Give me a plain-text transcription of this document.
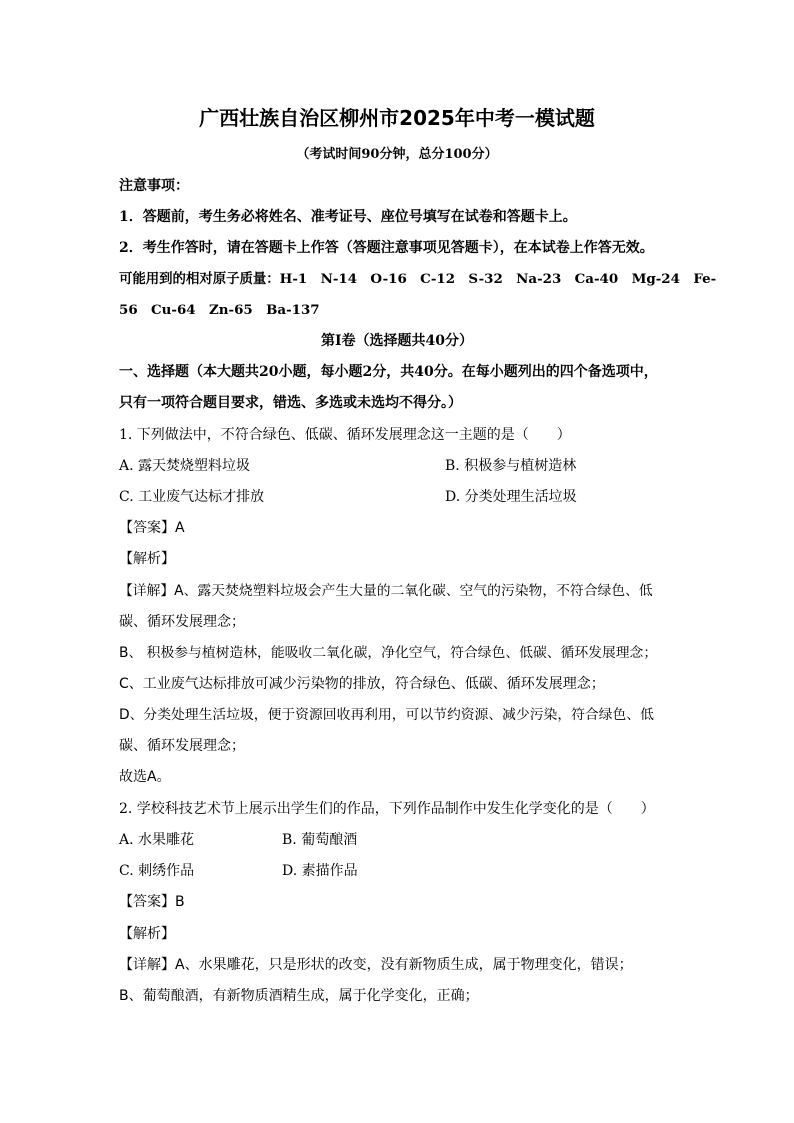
广西壮族自治区柳州市2025年中考一模试题
（考试时间90分钟，总分100分）
注意事项：
1．答题前，考生务必将姓名、准考证号、座位号填写在试卷和答题卡上。
2．考生作答时，请在答题卡上作答（答题注意事项见答题卡），在本试卷上作答无效。
可能用到的相对原子质量：H-1　N-14　O-16　C-12　S-32　Na-23　Ca-40　Mg-24　Fe-
56　Cu-64　Zn-65　Ba-137
第Ⅰ卷（选择题共40分）
一、选择题（本大题共20小题，每小题2分，共40分。在每小题列出的四个备选项中，
只有一项符合题目要求，错选、多选或未选均不得分。）
1. 下列做法中，不符合绿色、低碳、循环发展理念这一主题的是（　　）
A. 露天焚烧塑料垃圾	B. 积极参与植树造林
C. 工业废气达标才排放	D. 分类处理生活垃圾
【答案】A
【解析】
【详解】A、露天焚烧塑料垃圾会产生大量的二氧化碳、空气的污染物，不符合绿色、低
碳、循环发展理念；
B、 积极参与植树造林，能吸收二氧化碳，净化空气，符合绿色、低碳、循环发展理念；
C、工业废气达标排放可减少污染物的排放，符合绿色、低碳、循环发展理念；
D、分类处理生活垃圾，便于资源回收再利用，可以节约资源、减少污染，符合绿色、低
碳、循环发展理念；
故选A。
2. 学校科技艺术节上展示出学生们的作品，下列作品制作中发生化学变化的是（　　）
A. 水果雕花	B. 葡萄酿酒
C. 刺绣作品	D. 素描作品
【答案】B
【解析】
【详解】A、水果雕花，只是形状的改变，没有新物质生成，属于物理变化，错误；
B、葡萄酿酒，有新物质酒精生成，属于化学变化，正确；
